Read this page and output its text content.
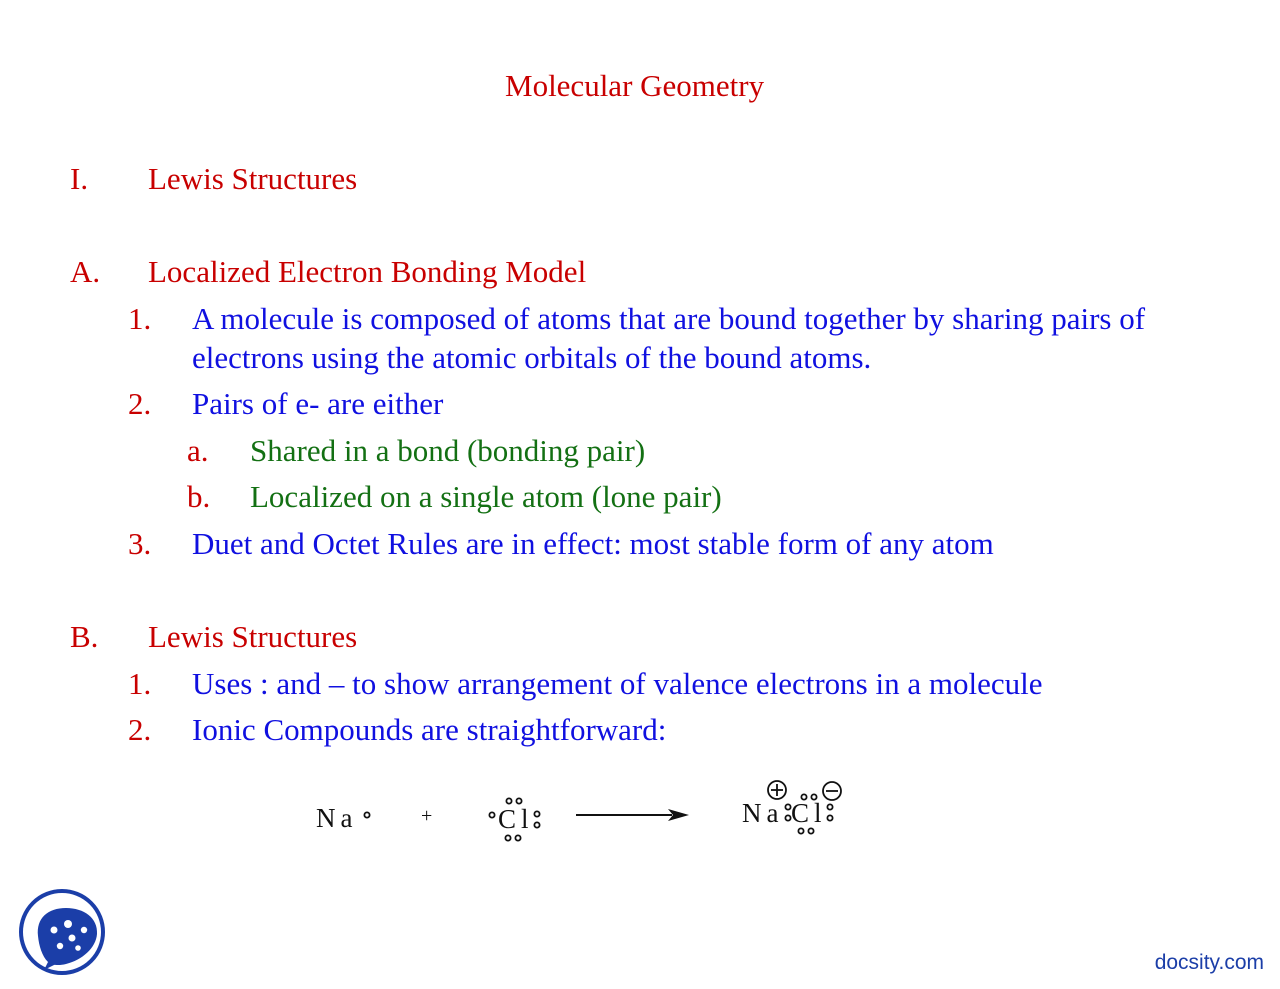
Molecular Geometry
I. Lewis Structures
A. Localized Electron Bonding Model
1. A molecule is composed of atoms that are bound together by sharing pairs of
electrons using the atomic orbitals of the bound atoms.
2. Pairs of e- are either
a. Shared in a bond (bonding pair)
b. Localized on a single atom (lone pair)
3. Duet and Octet Rules are in effect: most stable form of any atom
B. Lewis Structures
1. Uses : and – to show arrangement of valence electrons in a molecule
2. Ionic Compounds are straightforward:
Na	+ Cl	Na Cl
docsity.com
